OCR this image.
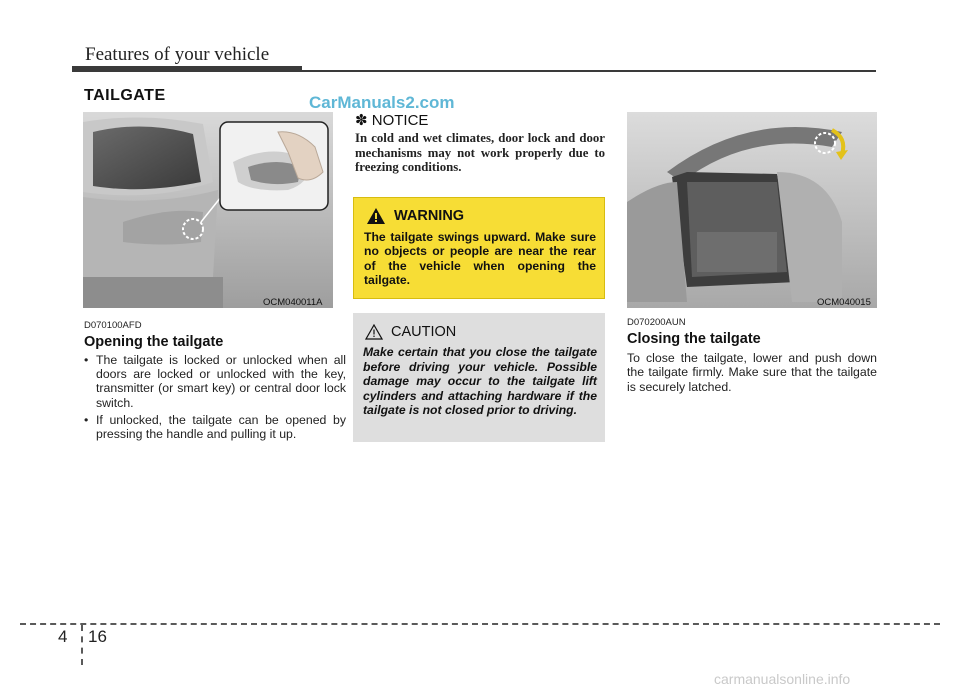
Features of your vehicle
TAILGATE	CarManuals2.com
OCM040011A	OCM040015
D070100AFD
Opening the tailgate
• The tailgate is locked or unlocked when all doors are locked or unlocked with the key, transmitter (or smart key) or central door lock switch.
• If unlocked, the tailgate can be opened by pressing the handle and pulling it up.
✽ NOTICE
In cold and wet climates, door lock and door mechanisms may not work properly due to freezing conditions.
WARNING
The tailgate swings upward. Make sure no objects or people are near the rear of the vehicle when opening the tailgate.
CAUTION
Make certain that you close the tailgate before driving your vehicle. Possible damage may occur to the tailgate lift cylinders and attaching hardware if the tailgate is not closed prior to driving.
D070200AUN
Closing the tailgate
To close the tailgate, lower and push down the tailgate firmly. Make sure that the tailgate is securely latched.
4 16
carmanualsonline.info
